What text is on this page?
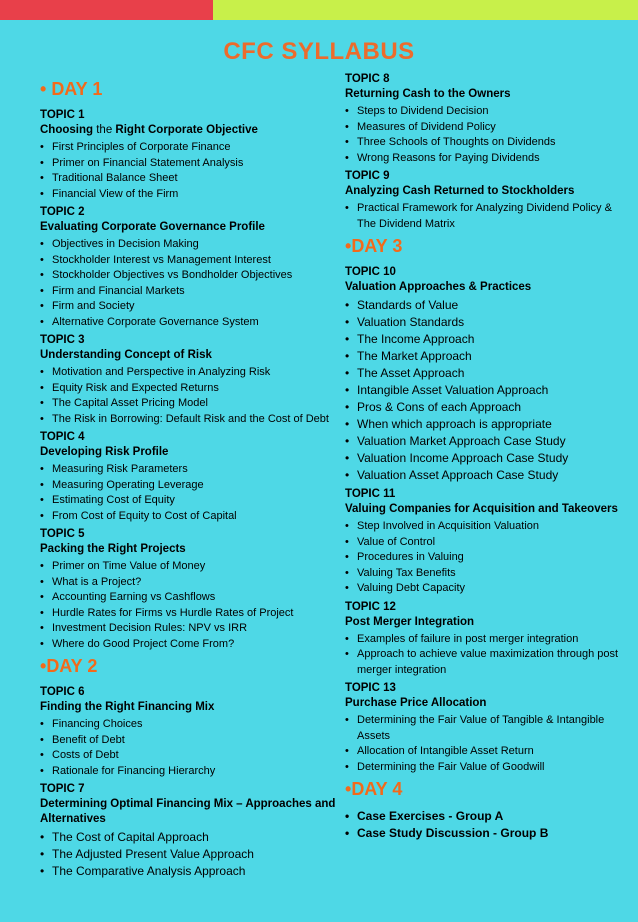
CFC SYLLABUS
• DAY 1
TOPIC 1
Choosing the Right Corporate Objective
• First Principles of Corporate Finance
• Primer on Financial Statement Analysis
• Traditional Balance Sheet
• Financial View of the Firm
TOPIC 2
Evaluating Corporate Governance Profile
• Objectives in Decision Making
• Stockholder Interest vs Management Interest
• Stockholder Objectives vs Bondholder Objectives
• Firm and Financial Markets
• Firm and Society
• Alternative Corporate Governance System
TOPIC 3
Understanding Concept of Risk
• Motivation and Perspective in Analyzing Risk
• Equity Risk and Expected Returns
• The Capital Asset Pricing Model
• The Risk in Borrowing: Default Risk and the Cost of Debt
TOPIC 4
Developing Risk Profile
• Measuring Risk Parameters
• Measuring Operating Leverage
• Estimating Cost of Equity
• From Cost of Equity to Cost of Capital
TOPIC 5
Packing the Right Projects
• Primer on Time Value of Money
• What is a Project?
• Accounting Earning vs Cashflows
• Hurdle Rates for Firms vs Hurdle Rates of Project
• Investment Decision Rules: NPV vs IRR
• Where do Good Project Come From?
•DAY 2
TOPIC 6
Finding the Right Financing Mix
• Financing Choices
• Benefit of Debt
• Costs of Debt
• Rationale for Financing Hierarchy
TOPIC 7
Determining Optimal Financing Mix – Approaches and Alternatives
• The Cost of Capital Approach
• The Adjusted Present Value Approach
• The Comparative Analysis Approach
TOPIC 8
Returning Cash to the Owners
• Steps to Dividend Decision
• Measures of Dividend Policy
• Three Schools of Thoughts on Dividends
• Wrong Reasons for Paying Dividends
TOPIC 9
Analyzing Cash Returned to Stockholders
• Practical Framework for Analyzing Dividend Policy & The Dividend Matrix
•DAY 3
TOPIC 10
Valuation Approaches & Practices
• Standards of Value
• Valuation Standards
• The Income Approach
• The Market Approach
• The Asset Approach
• Intangible Asset Valuation Approach
• Pros & Cons of each Approach
• When which approach is appropriate
• Valuation Market Approach Case Study
• Valuation Income Approach Case Study
• Valuation Asset Approach Case Study
TOPIC 11
Valuing Companies for Acquisition and Takeovers
• Step Involved in Acquisition Valuation
• Value of Control
• Procedures in Valuing
• Valuing Tax Benefits
• Valuing Debt Capacity
TOPIC 12
Post Merger Integration
• Examples of failure in post merger integration
• Approach to achieve value maximization through post merger integration
TOPIC 13
Purchase Price Allocation
• Determining the Fair Value of Tangible & Intangible Assets
• Allocation of Intangible Asset Return
• Determining the Fair Value of Goodwill
•DAY 4
• Case Exercises - Group A
• Case Study Discussion - Group B
